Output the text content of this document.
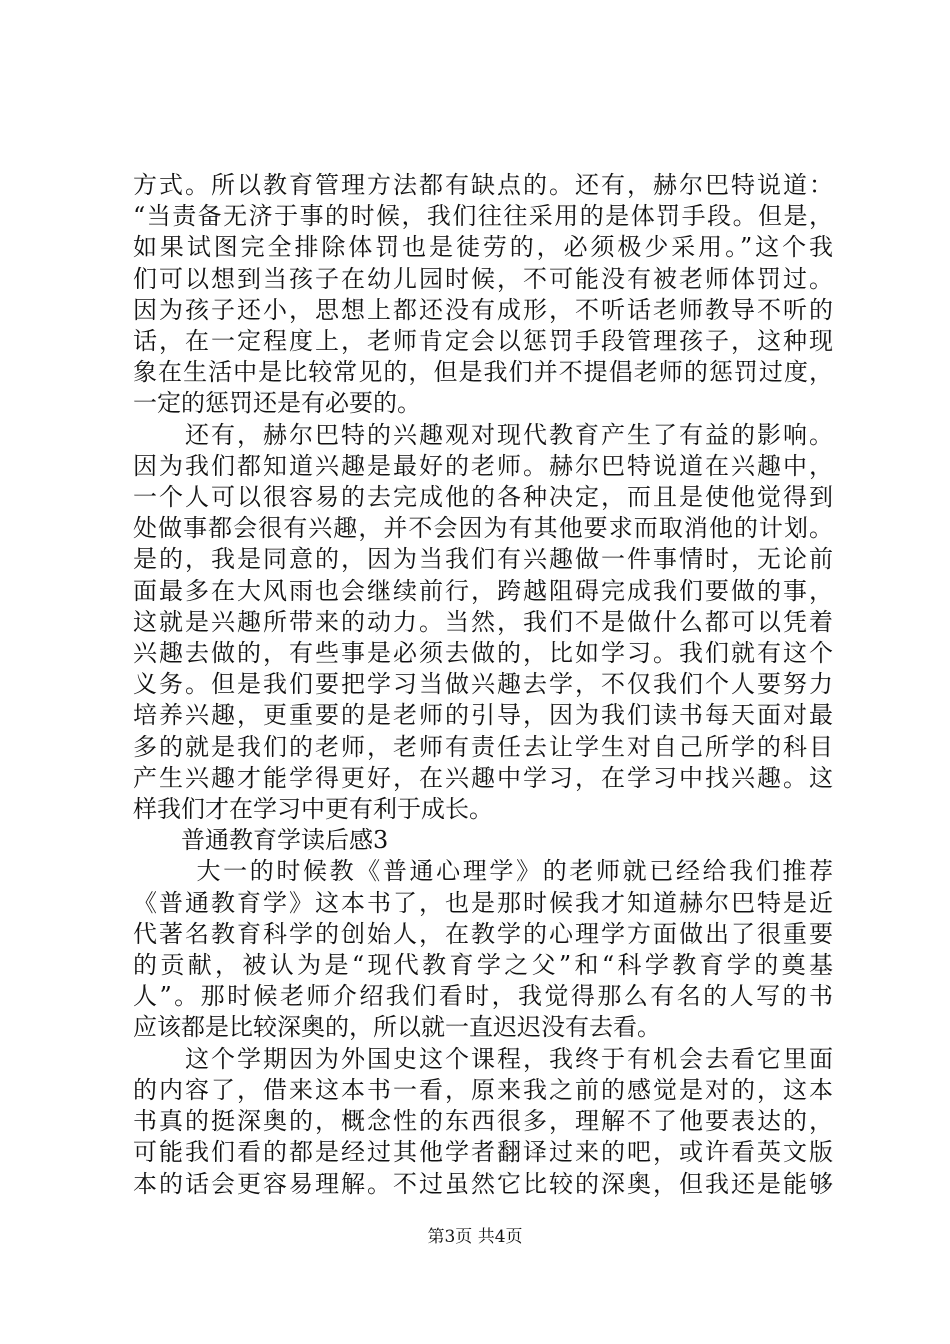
方式。所以教育管理方法都有缺点的。还有，赫尔巴特说道：
“当责备无济于事的时候，我们往往采用的是体罚手段。但是，
如果试图完全排除体罚也是徒劳的，必须极少采用。”这个我
们可以想到当孩子在幼儿园时候，不可能没有被老师体罚过。
因为孩子还小，思想上都还没有成形，不听话老师教导不听的
话，在一定程度上，老师肯定会以惩罚手段管理孩子，这种现
象在生活中是比较常见的，但是我们并不提倡老师的惩罚过度，
一定的惩罚还是有必要的。
　　还有，赫尔巴特的兴趣观对现代教育产生了有益的影响。
因为我们都知道兴趣是最好的老师。赫尔巴特说道在兴趣中，
一个人可以很容易的去完成他的各种决定，而且是使他觉得到
处做事都会很有兴趣，并不会因为有其他要求而取消他的计划。
是的，我是同意的，因为当我们有兴趣做一件事情时，无论前
面最多在大风雨也会继续前行，跨越阻碍完成我们要做的事，
这就是兴趣所带来的动力。当然，我们不是做什么都可以凭着
兴趣去做的，有些事是必须去做的，比如学习。我们就有这个
义务。但是我们要把学习当做兴趣去学，不仅我们个人要努力
培养兴趣，更重要的是老师的引导，因为我们读书每天面对最
多的就是我们的老师，老师有责任去让学生对自己所学的科目
产生兴趣才能学得更好，在兴趣中学习，在学习中找兴趣。这
样我们才在学习中更有利于成长。
　　普通教育学读后感3
　　 大一的时候教《普通心理学》的老师就已经给我们推荐
《普通教育学》这本书了，也是那时候我才知道赫尔巴特是近
代著名教育科学的创始人，在教学的心理学方面做出了很重要
的贡献，被认为是“现代教育学之父”和“科学教育学的奠基
人”。那时候老师介绍我们看时，我觉得那么有名的人写的书
应该都是比较深奥的，所以就一直迟迟没有去看。
　　这个学期因为外国史这个课程，我终于有机会去看它里面
的内容了，借来这本书一看，原来我之前的感觉是对的，这本
书真的挺深奥的，概念性的东西很多，理解不了他要表达的，
可能我们看的都是经过其他学者翻译过来的吧，或许看英文版
本的话会更容易理解。不过虽然它比较的深奥，但我还是能够
第3页 共4页
